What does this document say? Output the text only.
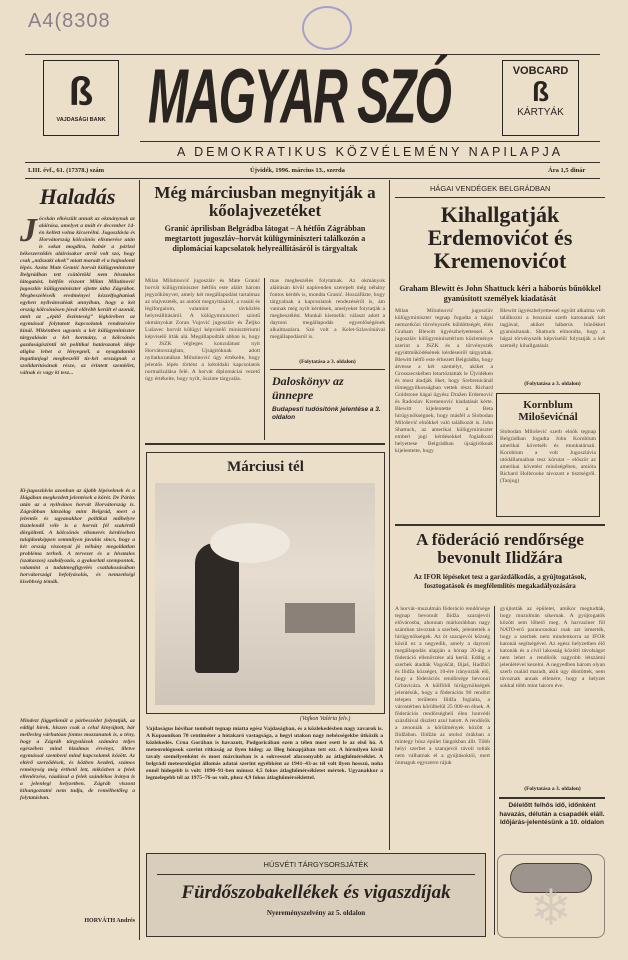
A4(8308
ß
VAJDASÁGI BANK MAGYAR SZÓ	VOBCARD
ß
KÁRTYÁK
A DEMOKRATIKUS KÖZVÉLEMÉNY NAPILAPJA
LIII. évf., 61. (17378.) szám	Újvidék, 1996. március 13., szerda	Ára 1,5 dinár
Haladás
J ócskán elkészült annak az okmánynak az aláírása, amelyet a múlt év december 14-én kellett volna kicserélni. Jugoszlávia és Horvátország kölcsönös elismerése után is sokat mogdira, habár a párizsi békeszerződés aláírásakor arról volt szó, hogy csak „műszaki okok” miatt maradt el a hajnalonti lépés. Azóta Mate Granić horvát külügyminiszter Belgrádban tett csütörtöki nem hivatalos látogatást, hétfőn viszont Milan Milutinović jugoszláv külügyminiszter ejtette útba Zágrábot. Megbeszéléseik eredményei kézzelfoghatóak egyben nyilvánvalóak annyiban, hogy a két ország kölcsönösen jóval előrébb került el azonál, amit az „építő őszinteség” légkörében az egymással folytatott kapcsolatok rendezésére kínál. Mikéntben ugyanis a két külügyminiszter tárgyalásán a két kormány, a kölcsönös gazdaságiszintű tét politikai határozatok ideje aligha lehet a lényegnél, a nyugtalanító ingatlanjogi megbeszélő tíz-két országnak a szolidaritásának része, az érintett szemlélet, válnak és vagy ki tesz...
Ki-jugoszlávia azonban az újabb lépéseknek és a Hágában megkezdett jelentések a körét. De Párizs után az a nyilvános horvát Horvátország is. Zágrábban látszólag mint Belgrád, mert a jelentős és ugyanakkor politikai műhelyre tisztelendő véle is a horvát fél szakértői dörgöltető. A kölcsönös elismerés kérdésében tulajdonképpen semmilyen javulás sincs, hogy a két ország viszonyai jó néhány megoldatlan probléma terheli. A tervezet és a hivatalos (szakaszos) szabályozás, a gyakorlati szempontok, valamint a tudatmegfigyelés csatlakozásában horvátországi befolyásolás, és nemzetiségi kisebbség témák.
Mindezt függetlenül a párbeszédet folytatják, az eddigi hírek, hiszen csak a célul kinyújtott, bár mellesleg várhatóan fontos mozzanatok is, a tény, hogy a Zágráb tárgyalások számára teljes egészében mind bizalmas érvényt, illetve egymással szembeni mind kapcsolatok között. Az eltérő szerződések, és közben kezdeti, számos reménység még érthető lett, miközben a felek ellenőrzése, ráadásul a felek szándékos iránya is a jelenlegi helyzetben. Zágráb viszont kihangoztatni nem tudja, de remélhetőleg a folytatásban.
HORVÁTH Andrés
Még márciusban megnyitják a kőolajvezetéket
Granić áprilisban Belgrádba látogat – A hétfőn Zágrábban megtartott jugoszláv–horvát külügyminiszteri találkozón a diplomáciai kapcsolatok helyreállításáról is tárgyaltak
Milan Milutinović jugoszláv és Mate Granić horvát külügyminiszter hétfőn este aláírt három jegyzőkönyvet, amely két megállapodást tartalmaz az olajvezeték, az autóút megnyitásáról, a vasúti és légiforgalom, valamint a távközlés helyreállításáról. A külügyminiszteri szintű okmányokat Zoran Vujović jugoszláv és Željko Lušavec horvát külügyi képviselő minisztériumi képviselő írták alá. Megállapodták abban is, hogy a JSZK végleges konzulátust nyit Horvátországban, Ujságítóknak adott nyilatkozatában Milutinović úgy értékelte, hogy jelentős lépés történt a kétoldalú kapcsolatok normalizálása felé. A horvát diplomáciai vezető úgy értékelte, hogy nyílt, őszinte tárgyalás.
mas megbeszélés folytatnak. Az okmányok aláírásán kívül napirenden szerepelt még néhány fontos kérdés is, mondta Granić. Hozzáfűzte, hogy tárgyalnak a kapcsolatok rendezéséről is, ám vannak még nyílt kérdések, amelyeket folytatják a megbeszélést. Munkái kiemelik: választ adott a daytoni megállapodás egyenlőségének alkalmazásra. Szó volt a Kelet-Szlavóniával megállapodásról is.
(Folytatása a 3. oldalon)
Daloskönyv az ünnepre
Budapesti tudósítónk jelentése a 3. oldalon
Márciusi tél
(Vajkon Valéria felv.)
Vajdaságus hóvihar tombolt tegnap miatta egész Vajdaságban, és a közlekedésben nagy zavarok is. A Kopaonikon 70 centiméter a hótakaró vastagsága, a hegyi utakon nagy nehézségekbe ütközik a közlekedés. Crna Gorában is havazott, Podgoricában ezen a télen most esett le az első hó. A meteorológusok szerint ritkaság az ilyen hideg; az Illeg hónapjában tett ezt. A hírmilyen kívül tavaly személyenként és most márciusban is a sokvesszel alacsonyabb az átlaghőmérséklet. A belgrádi meteorológiai állomás adatai szerint egyébként az 1941–43-as tél volt ilyen hosszú, noha ennél hidegebb is volt: 1890–91-ben mínusz 4,5 fokos átlaghőmérsékletet mértek. Ugyanakkor a legmelegebb tél az 1975–76-os volt, plusz 4,9 fokos átlaghőmérséklettel.
HÁGAI VENDÉGEK BELGRÁDBAN
Kihallgatják Erdemovićot és Kremenovićot
Graham Blewitt és John Shattuck kéri a háborús bűnökkel gyanúsított személyek kiadatását
Milan Milutinović jugoszláv külügyminiszter tegnap fogadta a hágai nemzetközi törvényszék küldöttségét, élén Graham Blewitt ügyészhelyettessel. A jugoszláv külügyminisztérium közleménye szerint a JSZK és a törvényszék együttműködésének kérdéseiről tárgyaltak. Blewitt hétfő este érkezett Belgrádba, hogy átvesse a két személyt, akiket a Grosszecskében letartóztattak le Újvidéken és most átadják őket, hogy Srebrenicánál tömeggyilkosságban vettek részt. Richard Goldstone hágai ügyész Dražen Erdemović és Radoslav Kremenović kiadatását kérte. Blewitt kijelentette a Beta hírügynökségnek, hogy másfél a Slobodan Milošević elnökkel való találkozót is. John Shattuck, az amerikai külügyminiszter emberi jogi kérdésekkel foglalkozó helyettese Belgrádban újságíróknak kijelentette, hogy
Blewitt ügyészhelyettessel együtt alkalma volt találkozni a boszniai szerb katonanak két tagjával, akiket hábørús bűnökkel gyanúsítanak. Shattuck elmondta, hogy a hágai törvényszék képviselői folytatják a két személy kihallgatását.
(Folytatása a 3. oldalon)
Kornblum Miloševićnál
Slobodan Milošević szerb elnök tegnap Belgrádban fogadta John Kornblum amerikai követséh és munkatársaii. Kornblum a volt Jugoszlávia utódállamaiban tesz körutat – először az amerikai követést minőségében, amióta Richard Holbrooke távozott e tisztségről. (Tanjug)
A föderáció rendőrsége bevonult Ilidžára
Az IFOR lépéseket tesz a garázdálkodás, a gyújtogatások, fosztogatások és megfélemlítés megakadályozására
A horvát–muzulmán föderáció rendőrsége tegnap bevonult Ilidža szarajevói elővárosba, ahonnan márkorábban nagy számban távoztak a szerbek, jelentették a hírügynökségek. Az öt szarajevói község közül ez a negyedik, amely a daytoni megállapodás alapján a hónap 20-áig a föderáció ellenőrzése alá kerül. Eddig a szerbek átadták Vogošćát, Ilijaš, Hadžići és Ilidža községet, 10-ére irányozták elő, hogy a föderációs rendőrsége bevonul Grbavicára. A külföldi hírügynökségek jelentésük, hogy a föderációs 90 rendőrt telepen területen Ilidža foglalta, a várostérben körülbelül 25 000-en élnek. A föderációs rendőrségbeli élen honvédi százdlával díszlett azul hatott. A rendőrök a zenoniák a körülmények között a Ilidžában. Ilidžán az utolsó órákban a mintegy húsz épület lángokban állt. Több helyi szerbet a szarajevói távoli tolták nem válhatnak el a gyújtásoktól, mert önmaguk egyszerre rájuk
gyújtották az épületet, amikor megtudták, hogy muzulmán sikernak. A gyújtogatók között sem lőhető meg. A harvaziner föl NATO-erő parancsnokai csak azt ismerték, hogy a szerbek nem mindenkorra az IFOR katonái segítségével. Az egész helyzetben élő katonák és a civil lakosság közötti távolságot nem lehet a rendőrök nagyobb létszámú jelenlétével kezelni. A negyedben három olyan szerb család maradt, akik úgy döntöttek, nem távoznak annak ellenére, hogy a helyzet sokkal több mint három éve.
(Folytatása a 3. oldalon)
Délelőtt felhős idő, időnként havazás, délután a csapadék eláll.
Időjárás-jelentésünk a 10. oldalon
❄
HÚSVÉTI TÁRGYSORSJÁTÉK
Fürdőszobakellékek és vigaszdíjak
Nyereményszelvény az 5. oldalon
